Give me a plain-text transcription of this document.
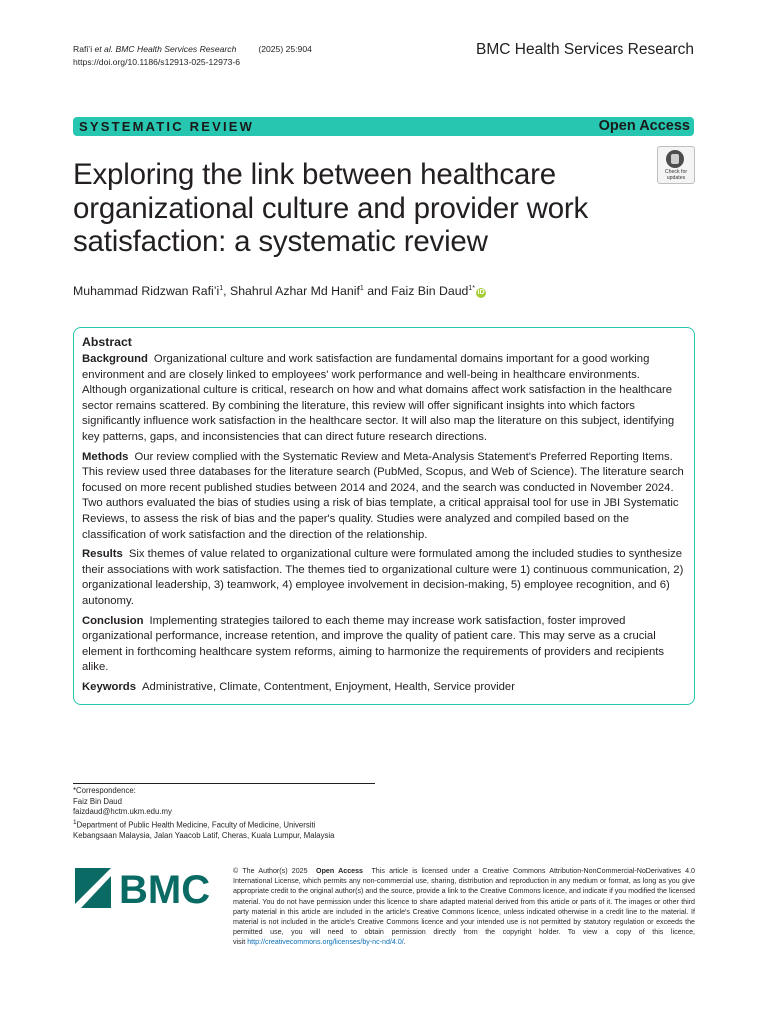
Rafi’i et al. BMC Health Services Research	(2025) 25:904
https://doi.org/10.1186/s12913-025-12973-6
BMC Health Services Research
SYSTEMATIC REVIEW	Open Access
Check for
updates
Exploring the link between healthcare organizational culture and provider work satisfaction: a systematic review
Muhammad Ridzwan $Rafi’i^1$, Shahrul Azhar Md Hanif$^1$ and Faiz Bin Daud$^{1*}$iD
Abstract

Background Organizational culture and work satisfaction are fundamental domains important for a good working environment and are closely linked to employees' work performance and well-being in healthcare environments. Although organizational culture is critical, research on how and what domains affect work satisfaction in the healthcare sector remains scattered. By combining the literature, this review will offer significant insights into which factors significantly influence work satisfaction in the healthcare sector. It will also map the literature on this subject, identifying key patterns, gaps, and inconsistencies that can direct future research directions.

Methods Our review complied with the Systematic Review and Meta-Analysis Statement's Preferred Reporting Items. This review used three databases for the literature search (PubMed, Scopus, and Web of Science). The literature search focused on more recent published studies between 2014 and 2024, and the search was conducted in November 2024. Two authors evaluated the bias of studies using a risk of bias template, a critical appraisal tool for use in JBI Systematic Reviews, to assess the risk of bias and the paper's quality. Studies were analyzed and compiled based on the classification of work satisfaction and the direction of the relationship.

Results Six themes of value related to organizational culture were formulated among the included studies to synthesize their associations with work satisfaction. The themes tied to organizational culture were 1) continuous communication, 2) organizational leadership, 3) teamwork, 4) employee involvement in decision-making, 5) employee recognition, and 6) autonomy.

Conclusion Implementing strategies tailored to each theme may increase work satisfaction, foster improved organizational performance, increase retention, and improve the quality of patient care. This may serve as a crucial element in forthcoming healthcare system reforms, aiming to harmonize the requirements of providers and recipients alike.

Keywords Administrative, Climate, Contentment, Enjoyment, Health, Service provider

*Correspondence:
Faiz Bin Daud
faizdaud@hctm.ukm.edu.my
$^1$Department of Public Health Medicine, Faculty of Medicine, Universiti
Kebangsaan Malaysia, Jalan Yaacob Latif, Cheras, Kuala Lumpur, Malaysia
BMC	© The Author(s) 2025 Open Access This article is licensed under a Creative Commons Attribution-NonCommercial-NoDerivatives 4.0 International License, which permits any non-commercial use, sharing, distribution and reproduction in any medium or format, as long as you give appropriate credit to the original author(s) and the source, provide a link to the Creative Commons licence, and indicate if you modified the licensed material. You do not have permission under this licence to share adapted material derived from this article or parts of it. The images or other third party material in this article are included in the article's Creative Commons licence, unless indicated otherwise in a credit line to the material. If material is not included in the article's Creative Commons licence and your intended use is not permitted by statutory regulation or exceeds the permitted use, you will need to obtain permission directly from the copyright holder. To view a copy of this licence, visit http://creativecommons.org/licenses/by-nc-nd/4.0/.
